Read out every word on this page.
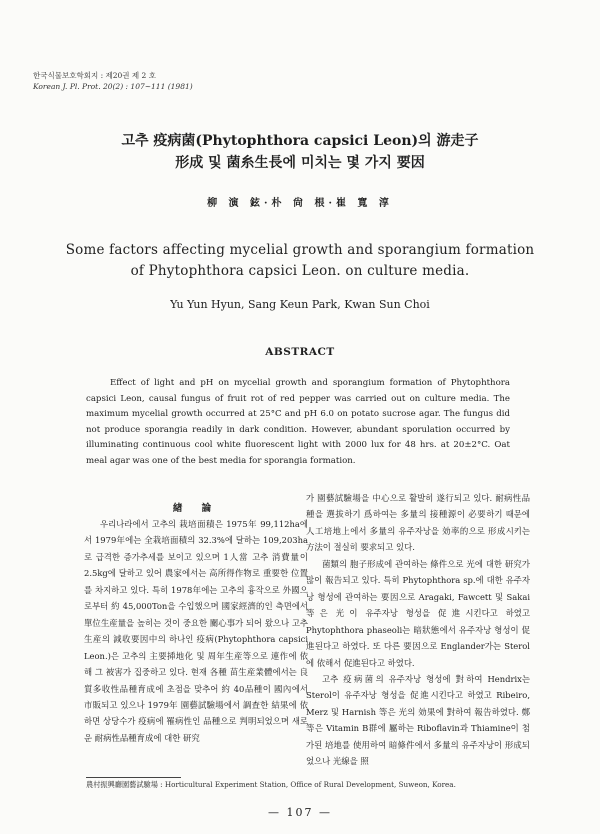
한국식물보호학회지 : 제20권 제 2 호
Korean J. Pl. Prot. 20(2) : 107~111 (1981)
고추 疫病菌(Phytophthora capsici Leon)의 游走子
形成 및 菌糸生長에 미치는 몇 가지 要因
柳 演 鉉·朴 尙 根·崔 寬 淳
Some factors affecting mycelial growth and sporangium formation
of Phytophthora capsici Leon. on culture media.
Yu Yun Hyun, Sang Keun Park, Kwan Sun Choi
ABSTRACT

Effect of light and pH on mycelial growth and sporangium formation of Phytophthora capsici Leon, causal fungus of fruit rot of red pepper was carried out on culture media. The maximum mycelial growth occurred at 25°C and pH 6.0 on potato sucrose agar. The fungus did not produce sporangia readily in dark condition. However, abundant sporulation occurred by illuminating continuous cool white fluorescent light with 2000 lux for 48 hrs. at 20±2°C. Oat meal agar was one of the best media for sporangia formation.

緖 論

우리나라에서 고추의 栽培面積은 1975年 99,112ha에서 1979年에는 全栽培面積의 32.3%에 달하는 109,203ha로 급격한 증가추세를 보이고 있으며 1人當 고추 消費量이 2.5kg에 달하고 있어 農家에서는 高所得作物로 重要한 位置를 차지하고 있다. 특히 1978年에는 고추의 흉작으로 外國으로부터 約 45,000Ton을 수입했으며 國家經濟的인 측면에서 單位生産量을 높히는 것이 중요한 關心事가 되어 왔으나 고추 生産의 減收要因中의 하나인 疫病(Phytophthora capsici Leon.)은 고추의 主要揷地化 및 周年生産等으로 連作에 依해 그 被害가 집중하고 있다. 현재 各種 苗生産業體에서는 良質多收性品種育成에 초점을 맞추어 約 40品種이 國內에서 市販되고 있으나 1979年 園藝試驗場에서 調査한 結果에 依하면 상당수가 疫病에 罹病性인 品種으로 判明되었으며 새로운 耐病性品種育成에 대한 研究

가 園藝試驗場을 中心으로 활발히 遂行되고 있다. 耐病性品種을 選拔하기 爲하여는 多量의 接種源이 必要하기 때문에 人工培地上에서 多量의 유주자낭을 効率的으로 形成시키는 方法이 절실히 要求되고 있다.

菌類의 胞子形成에 관여하는 條件으로 光에 대한 研究가 많이 報告되고 있다. 특히 Phytophthora sp.에 대한 유주자낭 형성에 관여하는 要因으로 Aragaki, Fawcett 및 Sakai 等은 光이 유주자낭 형성을 促進시킨다고 하였고 Phytophthora phaseoli는 暗狀態에서 유주자낭 형성이 促進된다고 하였다. 또 다른 要因으로 Englander가는 Sterol에 依해서 促進된다고 하였다.

고추 疫病菌의 유주자낭 형성에 對하여 Hendrix는 Sterol이 유주자낭 형성을 促進시킨다고 하였고 Ribeiro, Merz 및 Harnish 等은 光의 効果에 對하여 報告하였다. 鄭等은 Vitamin B群에 屬하는 Riboflavin과 Thiamine이 첨가된 培地를 使用하여 暗條件에서 多量의 유주자낭이 形成되었으나 光線을 照

農村振興廳園藝試驗場 : Horticultural Experiment Station, Office of Rural Development, Suweon, Korea.
— 107 —
